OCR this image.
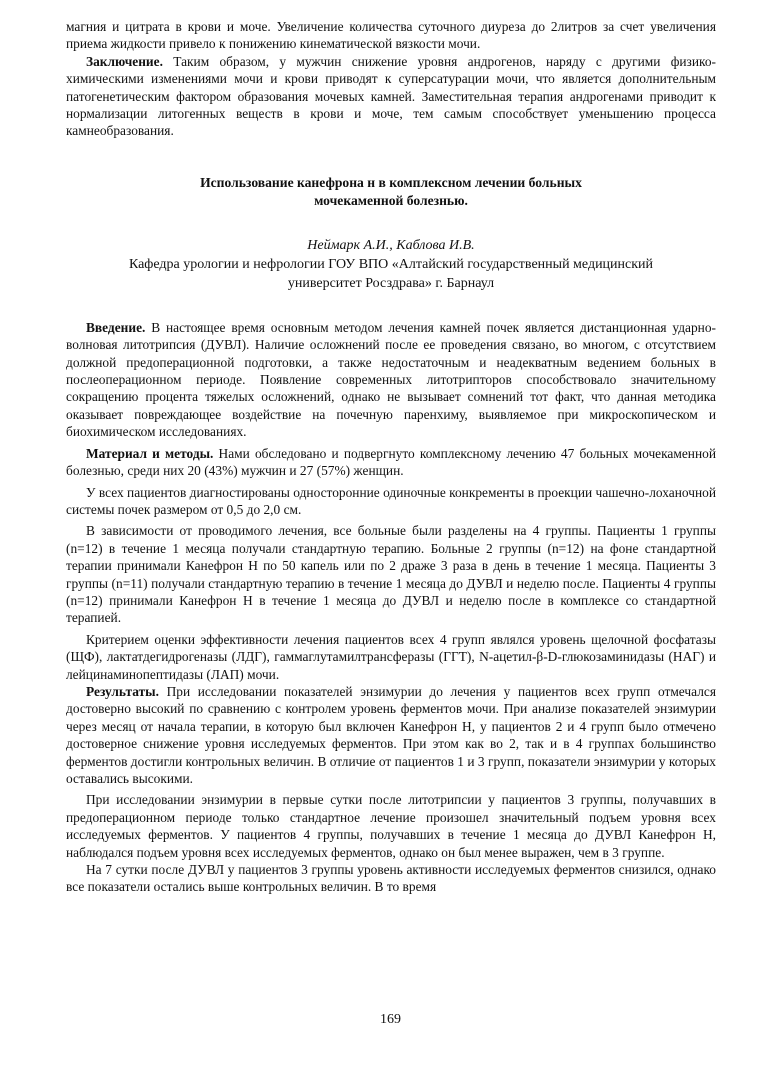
магния и цитрата в крови и моче. Увеличение количества суточного диуреза до 2литров за счет увеличения приема жидкости привело к понижению кинематической вязкости мочи.

Заключение. Таким образом, у мужчин снижение уровня андрогенов, наряду с другими физико-химическими изменениями мочи и крови приводят к суперсатурации мочи, что является дополнительным патогенетическим фактором образования мочевых камней. Заместительная терапия андрогенами приводит к нормализации литогенных веществ в крови и моче, тем самым способствует уменьшению процесса камнеобразования.

Использование канефрона н в комплексном лечении больных
мочекаменной болезнью.
Неймарк А.И., Каблова И.В.
Кафедра урологии и нефрологии ГОУ ВПО «Алтайский государственный медицинский
университет Росздрава» г. Барнаул

Введение. В настоящее время основным методом лечения камней почек является дистанционная ударно-волновая литотрипсия (ДУВЛ). Наличие осложнений после ее проведения связано, во многом, с отсутствием должной предоперационной подготовки, а также недостаточным и неадекватным ведением больных в послеоперационном периоде. Появление современных литотрипторов способствовало значительному сокращению процента тяжелых осложнений, однако не вызывает сомнений тот факт, что данная методика оказывает повреждающее воздействие на почечную паренхиму, выявляемое при микроскопическом и биохимическом исследованиях.

Материал и методы. Нами обследовано и подвергнуто комплексному лечению 47 больных мочекаменной болезнью, среди них 20 (43%) мужчин и 27 (57%) женщин.

У всех пациентов диагностированы односторонние одиночные конкременты в проекции чашечно-лоханочной системы почек размером от 0,5 до 2,0 см.

В зависимости от проводимого лечения, все больные были разделены на 4 группы. Пациенты 1 группы (n=12) в течение 1 месяца получали стандартную терапию. Больные 2 группы (n=12) на фоне стандартной терапии принимали Канефрон Н по 50 капель или по 2 драже 3 раза в день в течение 1 месяца. Пациенты 3 группы (n=11) получали стандартную терапию в течение 1 месяца до ДУВЛ и неделю после. Пациенты 4 группы (n=12) принимали Канефрон Н в течение 1 месяца до ДУВЛ и неделю после в комплексе со стандартной терапией.

Критерием оценки эффективности лечения пациентов всех 4 групп являлся уровень щелочной фосфатазы (ЩФ), лактатдегидрогеназы (ЛДГ), гаммаглутамилтрансферазы (ГГТ), N-ацетил-β-D-глюкозаминидазы (НАГ) и лейцинаминопептидазы (ЛАП) мочи.

Результаты. При исследовании показателей энзимурии до лечения у пациентов всех групп отмечался достоверно высокий по сравнению с контролем уровень ферментов мочи. При анализе показателей энзимурии через месяц от начала терапии, в которую был включен Канефрон Н, у пациентов 2 и 4 групп было отмечено достоверное снижение уровня исследуемых ферментов. При этом как во 2, так и в 4 группах большинство ферментов достигли контрольных величин. В отличие от пациентов 1 и 3 групп, показатели энзимурии у которых оставались высокими.

При исследовании энзимурии в первые сутки после литотрипсии у пациентов 3 группы, получавших в предоперационном периоде только стандартное лечение произошел значительный подъем уровня всех исследуемых ферментов. У пациентов 4 группы, получавших в течение 1 месяца до ДУВЛ Канефрон Н, наблюдался подъем уровня всех исследуемых ферментов, однако он был менее выражен, чем в 3 группе.

На 7 сутки после ДУВЛ у пациентов 3 группы уровень активности исследуемых ферментов снизился, однако все показатели остались выше контрольных величин. В то время

169
